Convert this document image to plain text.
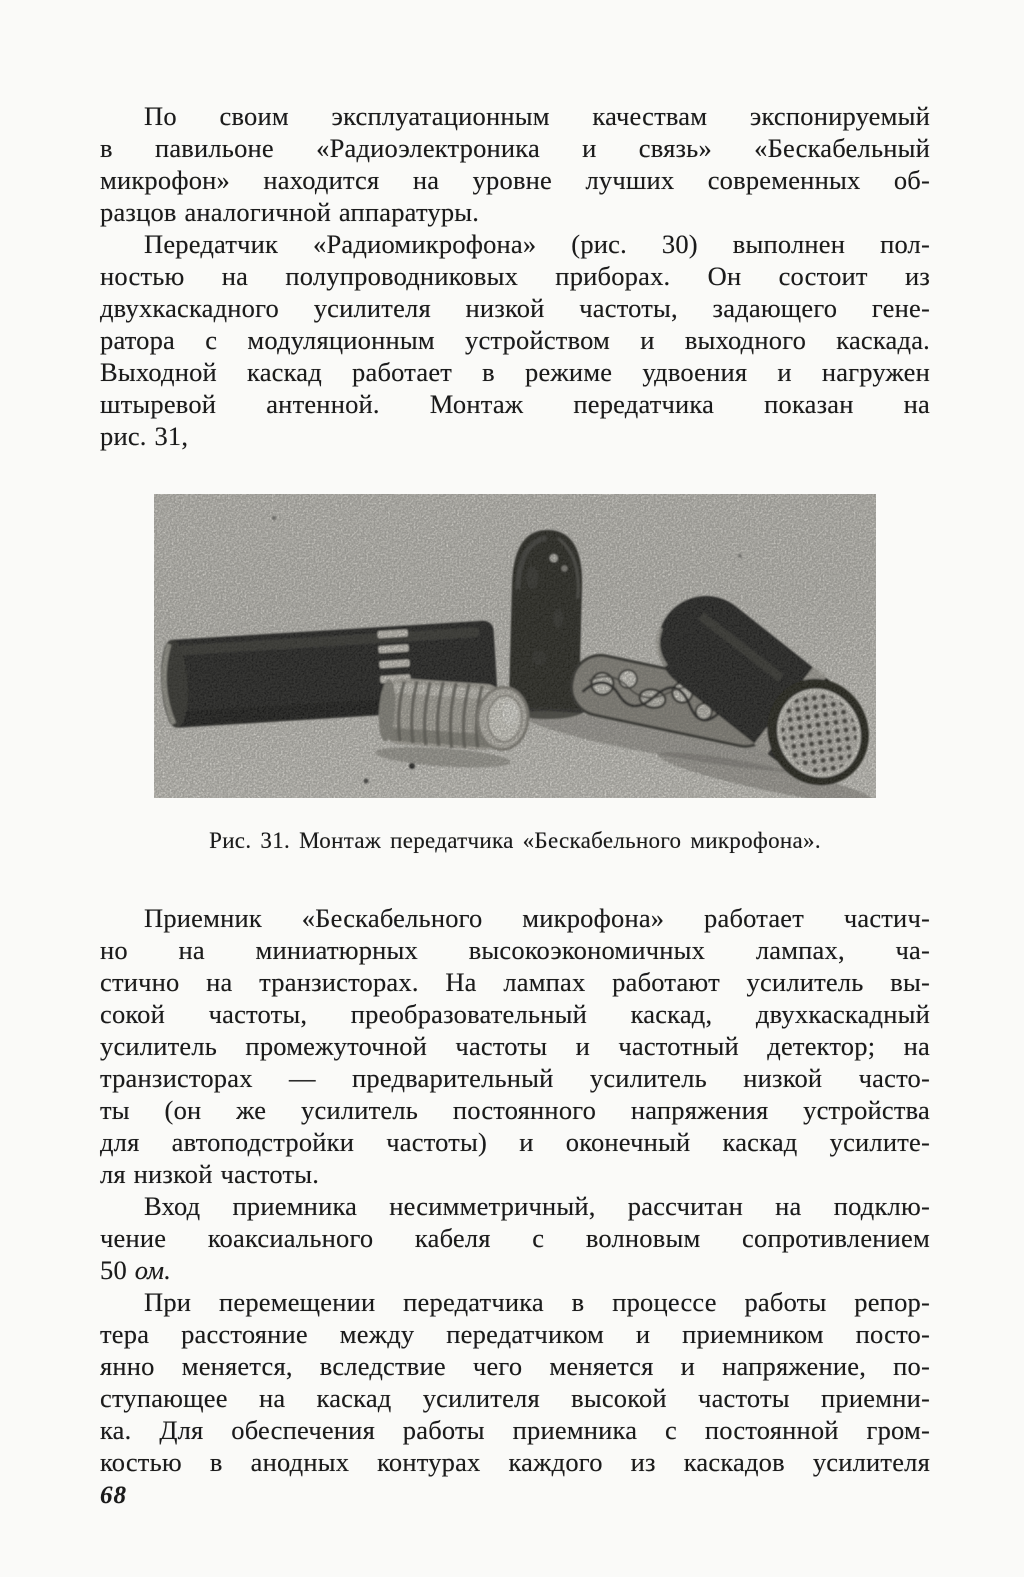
По своим эксплуатационным качествам экспонируемый
в павильоне «Радиоэлектроника и связь» «Бескабельный
микрофон» находится на уровне лучших современных об-
разцов аналогичной аппаратуры.
Передатчик «Радиомикрофона» (рис. 30) выполнен пол-
ностью на полупроводниковых приборах. Он состоит из
двухкаскадного усилителя низкой частоты, задающего гене-
ратора с модуляционным устройством и выходного каскада.
Выходной каскад работает в режиме удвоения и нагружен
штыревой антенной. Монтаж передатчика показан на
рис. 31,
Рис. 31. Монтаж передатчика «Бескабельного микрофона».
Приемник «Бескабельного микрофона» работает частич-
но на миниатюрных высокоэкономичных лампах, ча-
стично на транзисторах. На лампах работают усилитель вы-
сокой частоты, преобразовательный каскад, двухкаскадный
усилитель промежуточной частоты и частотный детектор; на
транзисторах — предварительный усилитель низкой часто-
ты (он же усилитель постоянного напряжения устройства
для автоподстройки частоты) и оконечный каскад усилите-
ля низкой частоты.
Вход приемника несимметричный, рассчитан на подклю-
чение коаксиального кабеля с волновым сопротивлением
50 ом.
При перемещении передатчика в процессе работы репор-
тера расстояние между передатчиком и приемником посто-
янно меняется, вследствие чего меняется и напряжение, по-
ступающее на каскад усилителя высокой частоты приемни-
ка. Для обеспечения работы приемника с постоянной гром-
костью в анодных контурах каждого из каскадов усилителя
68
